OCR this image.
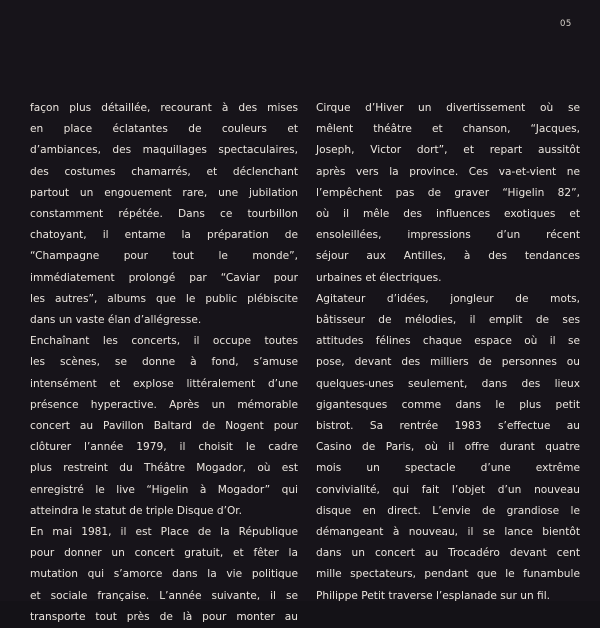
05

façon plus détaillée, recourant à des mises

en place éclatantes de couleurs et

d’ambiances, des maquillages spectaculaires,

des costumes chamarrés, et déclenchant

partout un engouement rare, une jubilation

constamment répétée. Dans ce tourbillon

chatoyant, il entame la préparation de

“Champagne pour tout le monde”,

immédiatement prolongé par “Caviar pour

les autres”, albums que le public plébiscite

dans un vaste élan d’allégresse.

Enchaînant les concerts, il occupe toutes

les scènes, se donne à fond, s’amuse

intensément et explose littéralement d’une

présence hyperactive. Après un mémorable

concert au Pavillon Baltard de Nogent pour

clôturer l’année 1979, il choisit le cadre

plus restreint du Théâtre Mogador, où est

enregistré le live “Higelin à Mogador” qui

atteindra le statut de triple Disque d’Or.

En mai 1981, il est Place de la République

pour donner un concert gratuit, et fêter la

mutation qui s’amorce dans la vie politique

et sociale française. L’année suivante, il se

transporte tout près de là pour monter au

Cirque d’Hiver un divertissement où se

mêlent théâtre et chanson, “Jacques,

Joseph, Victor dort”, et repart aussitôt

après vers la province. Ces va-et-vient ne

l’empêchent pas de graver “Higelin 82”,

où il mêle des influences exotiques et

ensoleillées, impressions d’un récent

séjour aux Antilles, à des tendances

urbaines et électriques.

Agitateur d’idées, jongleur de mots,

bâtisseur de mélodies, il emplit de ses

attitudes félines chaque espace où il se

pose, devant des milliers de personnes ou

quelques-unes seulement, dans des lieux

gigantesques comme dans le plus petit

bistrot. Sa rentrée 1983 s’effectue au

Casino de Paris, où il offre durant quatre

mois un spectacle d’une extrême

convivialité, qui fait l’objet d’un nouveau

disque en direct. L’envie de grandiose le

démangeant à nouveau, il se lance bientôt

dans un concert au Trocadéro devant cent

mille spectateurs, pendant que le funambule

Philippe Petit traverse l’esplanade sur un fil.
